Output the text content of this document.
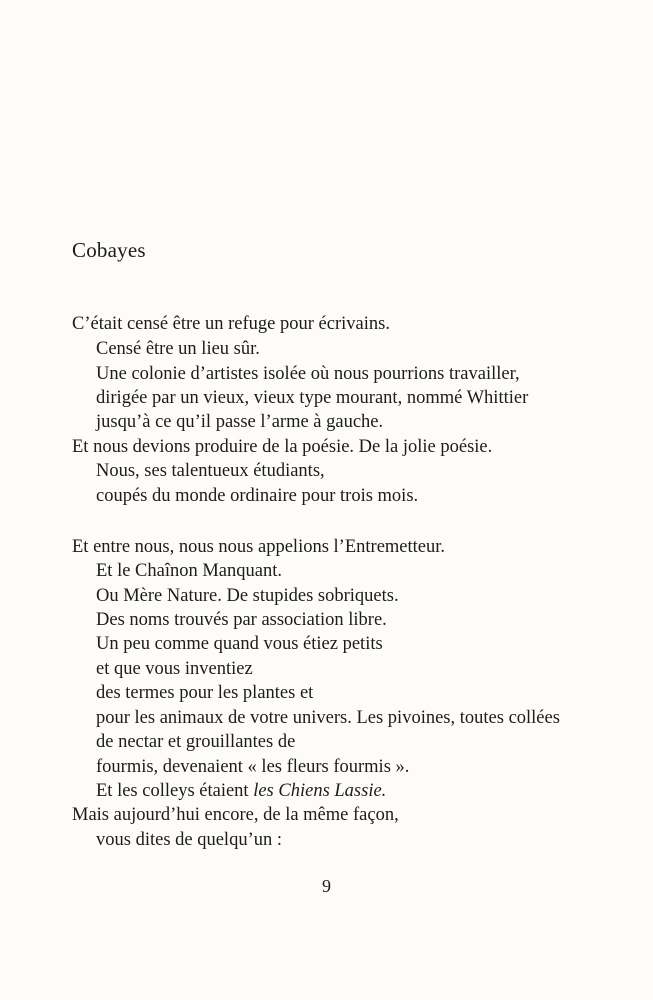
Cobayes

C’était censé être un refuge pour écrivains.

Censé être un lieu sûr.

Une colonie d’artistes isolée où nous pourrions travailler,

dirigée par un vieux, vieux type mourant, nommé Whittier

jusqu’à ce qu’il passe l’arme à gauche.

Et nous devions produire de la poésie. De la jolie poésie.

Nous, ses talentueux étudiants,

coupés du monde ordinaire pour trois mois.

Et entre nous, nous nous appelions l’Entremetteur.

Et le Chaînon Manquant.

Ou Mère Nature. De stupides sobriquets.

Des noms trouvés par association libre.

Un peu comme quand vous étiez petits

et que vous inventiez

des termes pour les plantes et

pour les animaux de votre univers. Les pivoines, toutes collées

de nectar et grouillantes de

fourmis, devenaient « les fleurs fourmis ».

Et les colleys étaient les Chiens Lassie.

Mais aujourd’hui encore, de la même façon,

vous dites de quelqu’un :

9
